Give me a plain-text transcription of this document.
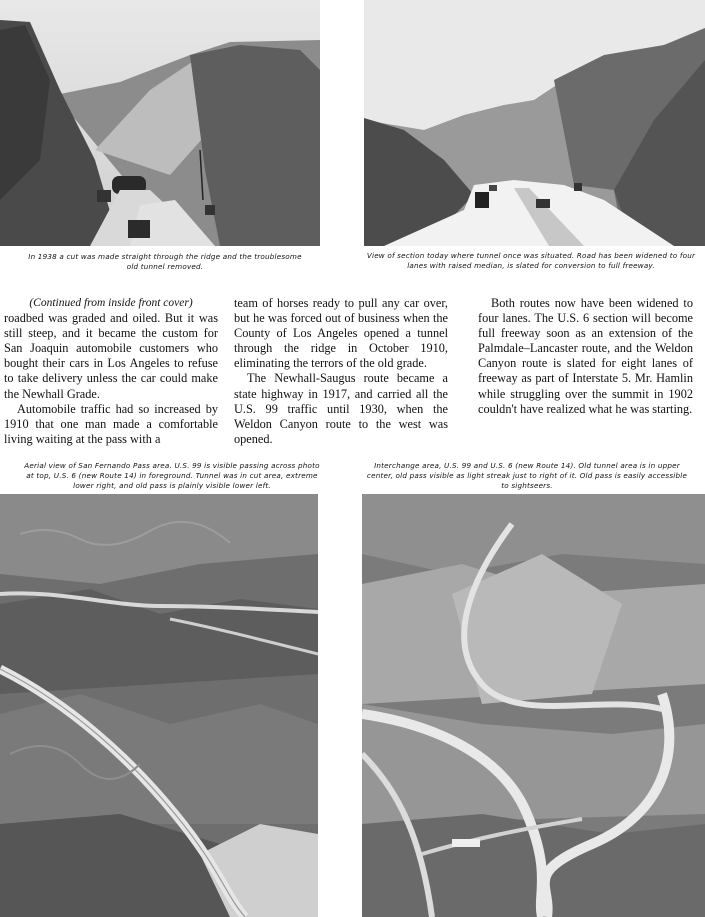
In 1938 a cut was made straight through the ridge and the troublesome old tunnel removed.
View of section today where tunnel once was situated. Road has been widened to four lanes with raised median, is slated for conversion to full freeway.

(Continued from inside front cover)

roadbed was graded and oiled. But it was still steep, and it became the custom for San Joaquin automobile customers who bought their cars in Los Angeles to refuse to take delivery unless the car could make the Newhall Grade.

Automobile traffic had so increased by 1910 that one man made a comfortable living waiting at the pass with a

team of horses ready to pull any car over, but he was forced out of business when the County of Los Angeles opened a tunnel through the ridge in October 1910, eliminating the terrors of the old grade.

The Newhall-Saugus route became a state highway in 1917, and carried all the U.S. 99 traffic until 1930, when the Weldon Canyon route to the west was opened.

Both routes now have been widened to four lanes. The U.S. 6 section will become full freeway soon as an extension of the Palmdale–Lancaster route, and the Weldon Canyon route is slated for eight lanes of freeway as part of Interstate 5. Mr. Hamlin while struggling over the summit in 1902 couldn't have realized what he was starting.

Aerial view of San Fernando Pass area. U.S. 99 is visible passing across photo at top, U.S. 6 (new Route 14) in foreground. Tunnel was in cut area, extreme lower right, and old pass is plainly visible lower left.
Interchange area, U.S. 99 and U.S. 6 (new Route 14). Old tunnel area is in upper center, old pass visible as light streak just to right of it. Old pass is easily accessible to sightseers.
